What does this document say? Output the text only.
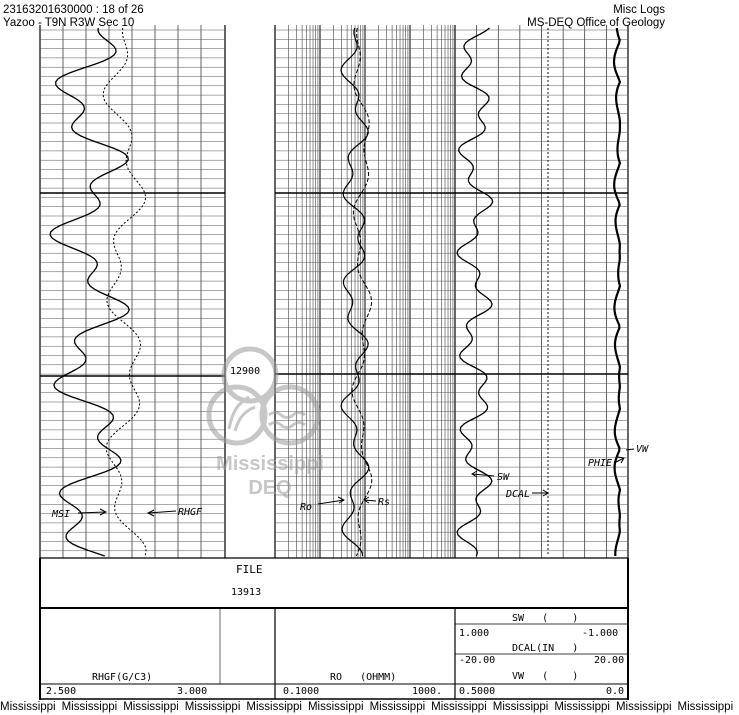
23163201630000 : 18 of 26
Yazoo - T9N R3W Sec 10
Misc Logs
MS-DEQ Office of Geology
12900
MSI	RHGF	Ro	Rs
SW
DCAL
PHIE
VW
FILE
13913
RHGF(G/C3)
2.500	3.000
RO   (OHMM)
0.1000	1000.
SW   (    )
1.000	-1.000
DCAL(IN   )
-20.00	20.00
VW   (    )
0.5000	0.0
Mississippi
DEQ
Mississippi Mississippi Mississippi Mississippi Mississippi Mississippi Mississippi Mississippi Mississippi Mississippi Mississippi Mississippi
